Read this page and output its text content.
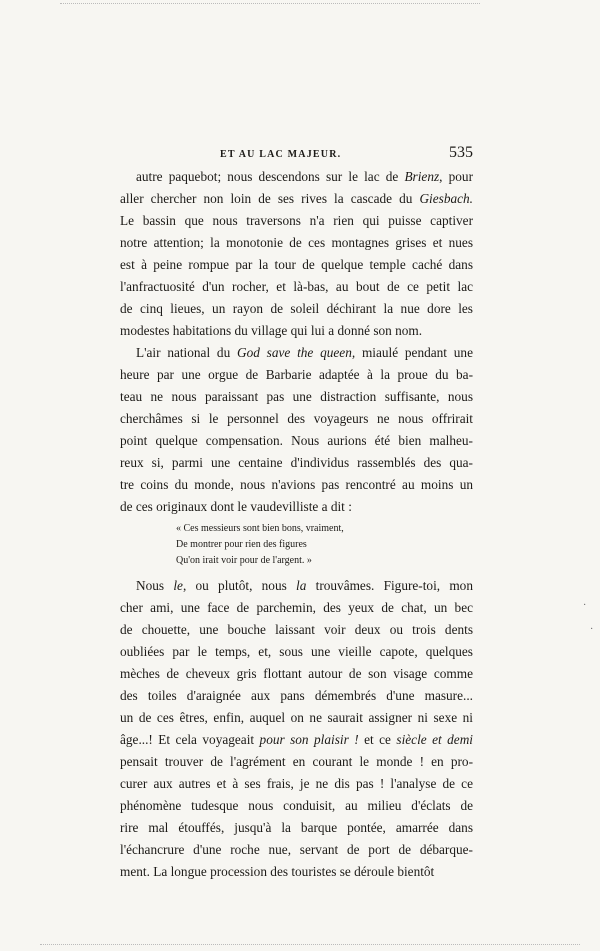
ET AU LAC MAJEUR.	535
autre paquebot; nous descendons sur le lac de Brienz, pour
aller chercher non loin de ses rives la cascade du Giesbach.
Le bassin que nous traversons n'a rien qui puisse captiver
notre attention; la monotonie de ces montagnes grises et nues
est à peine rompue par la tour de quelque temple caché dans
l'anfractuosité d'un rocher, et là-bas, au bout de ce petit lac
de cinq lieues, un rayon de soleil déchirant la nue dore les
modestes habitations du village qui lui a donné son nom.
L'air national du God save the queen, miaulé pendant une
heure par une orgue de Barbarie adaptée à la proue du ba-
teau ne nous paraissant pas une distraction suffisante, nous
cherchâmes si le personnel des voyageurs ne nous offrirait
point quelque compensation. Nous aurions été bien malheu-
reux si, parmi une centaine d'individus rassemblés des qua-
tre coins du monde, nous n'avions pas rencontré au moins un
de ces originaux dont le vaudevilliste a dit :
« Ces messieurs sont bien bons, vraiment,
De montrer pour rien des figures
Qu'on irait voir pour de l'argent. »
Nous le, ou plutôt, nous la trouvâmes. Figure-toi, mon
cher ami, une face de parchemin, des yeux de chat, un bec
de chouette, une bouche laissant voir deux ou trois dents
oubliées par le temps, et, sous une vieille capote, quelques
mèches de cheveux gris flottant autour de son visage comme
des toiles d'araignée aux pans démembrés d'une masure...
un de ces êtres, enfin, auquel on ne saurait assigner ni sexe ni
âge...! Et cela voyageait pour son plaisir ! et ce siècle et demi
pensait trouver de l'agrément en courant le monde ! en pro-
curer aux autres et à ses frais, je ne dis pas ! l'analyse de ce
phénomène tudesque nous conduisit, au milieu d'éclats de
rire mal étouffés, jusqu'à la barque pontée, amarrée dans
l'échancrure d'une roche nue, servant de port de débarque-
ment. La longue procession des touristes se déroule bientôt
·
·
